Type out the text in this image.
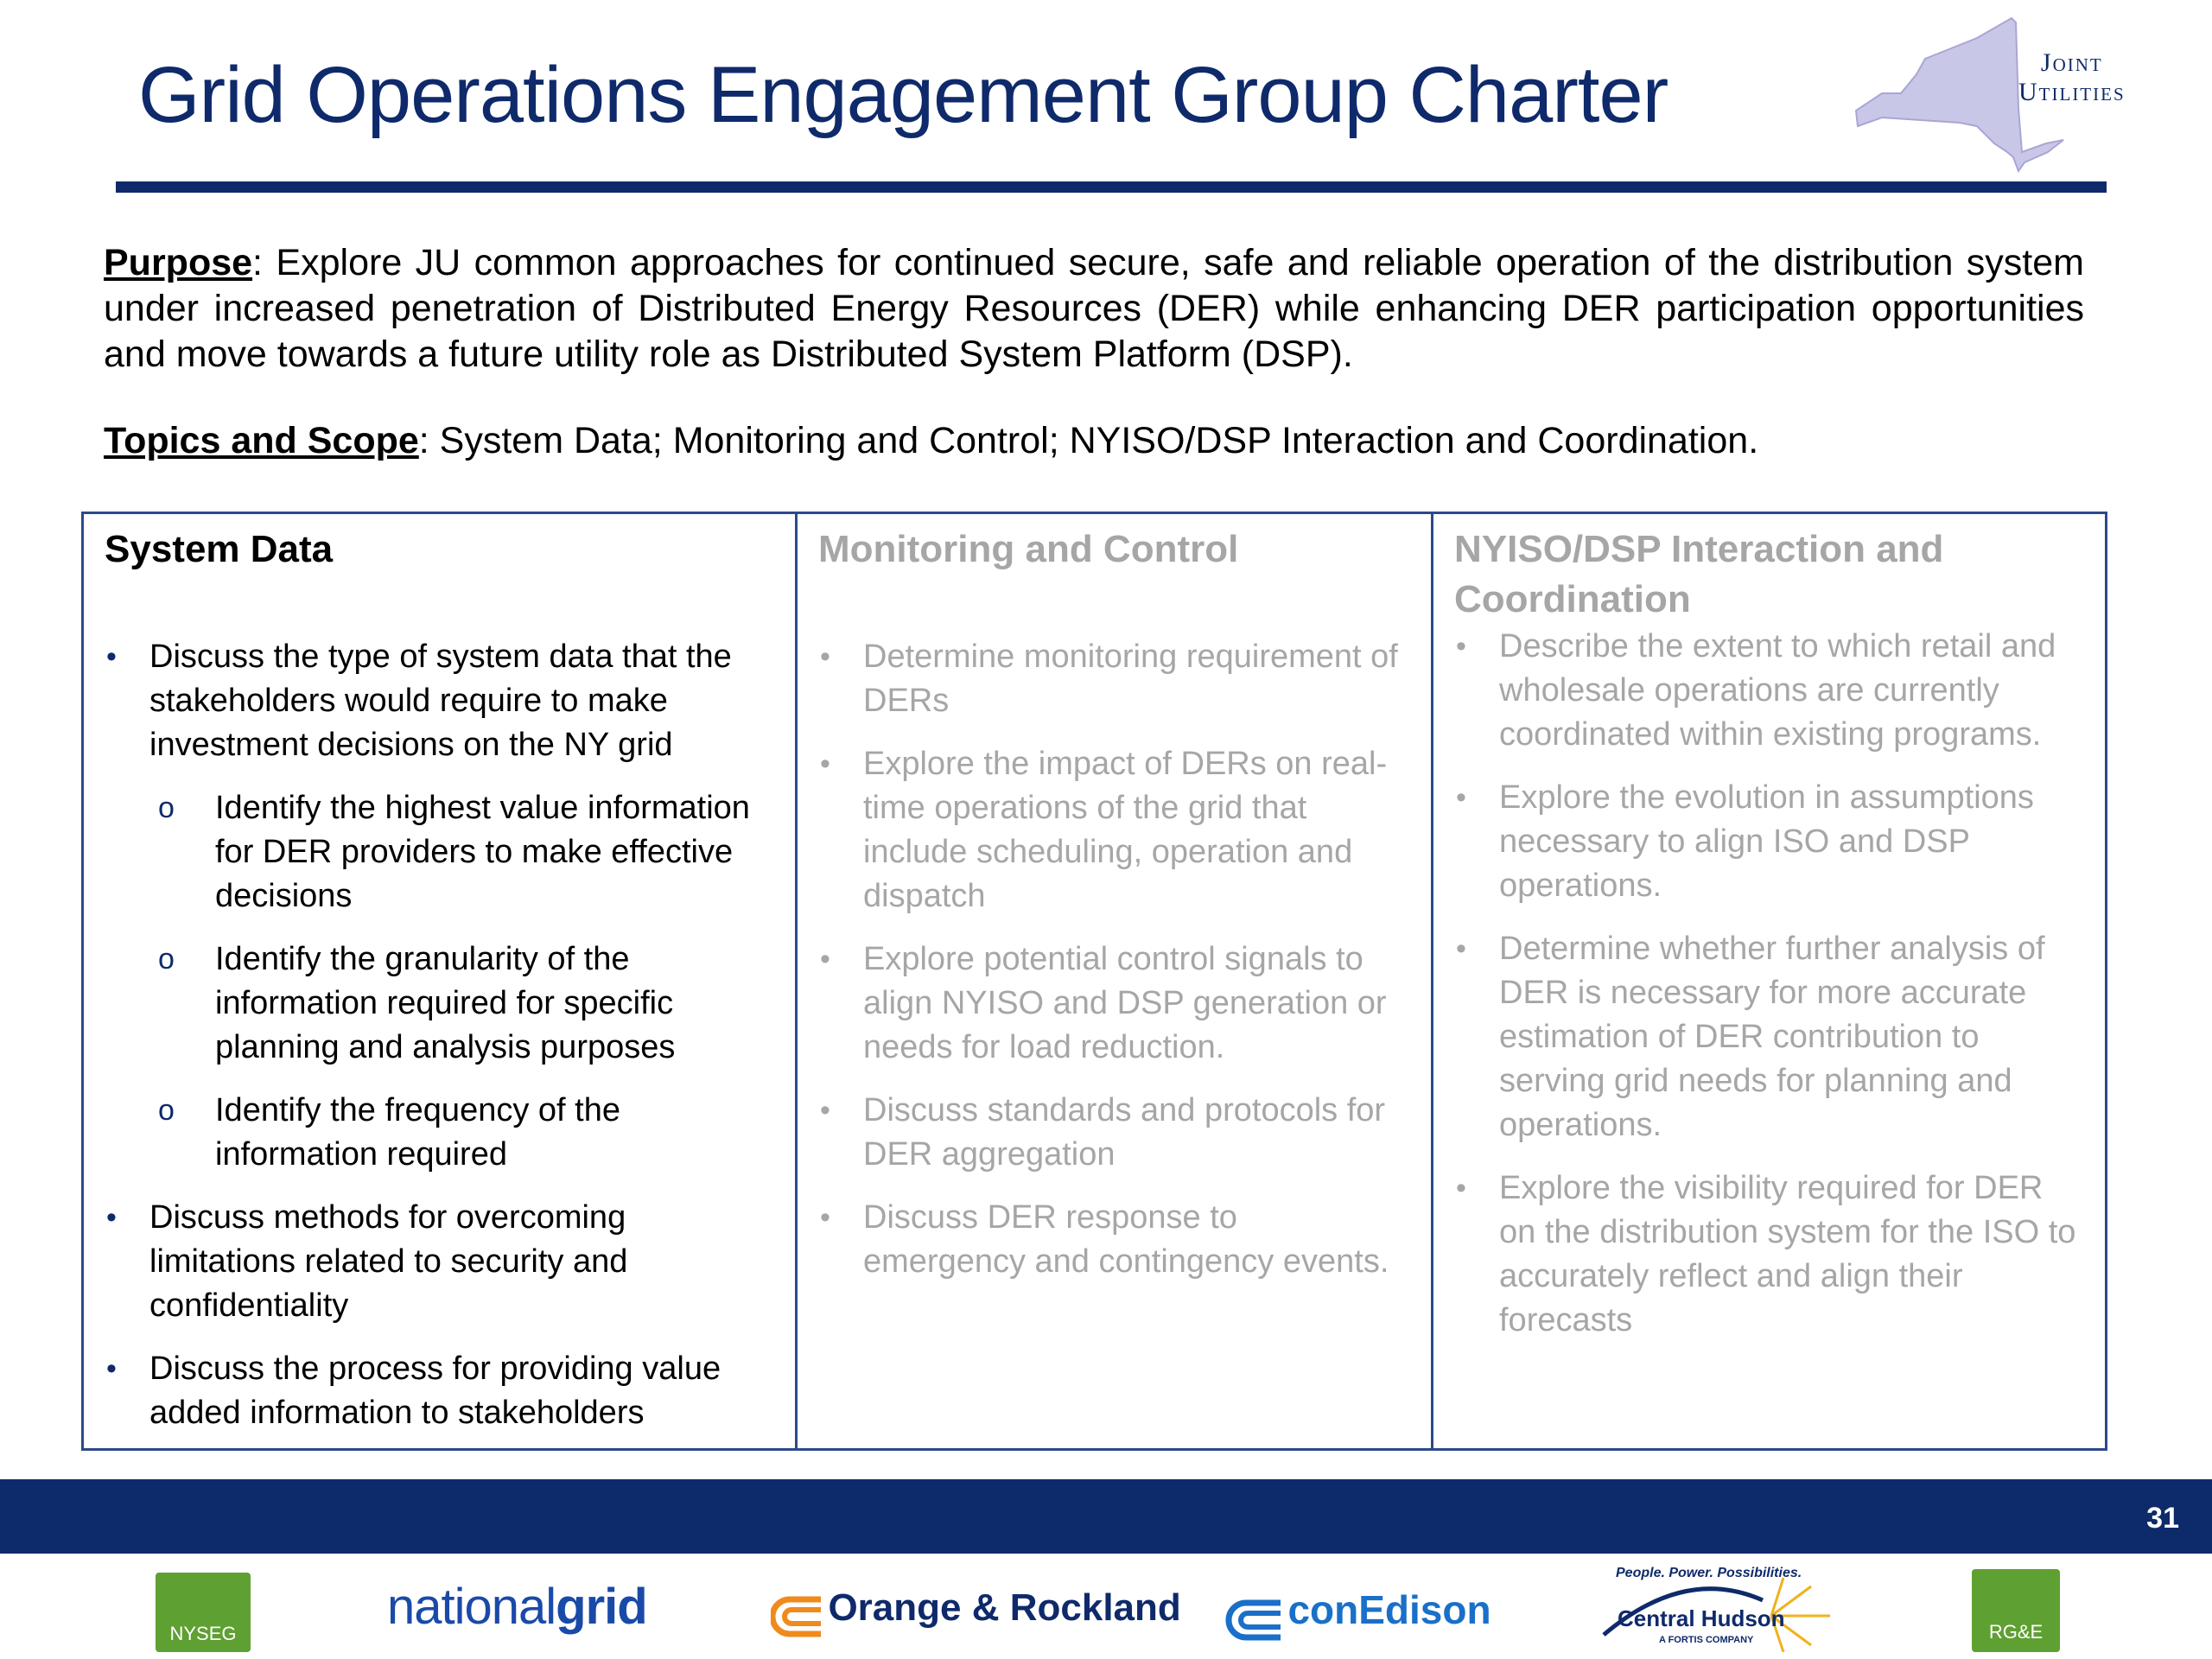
Grid Operations Engagement Group Charter	Joint
Utilities
Purpose: Explore JU common approaches for continued secure, safe and reliable operation of the distribution system under increased penetration of Distributed Energy Resources (DER) while enhancing DER participation opportunities and move towards a future utility role as Distributed System Platform (DSP).
Topics and Scope: System Data; Monitoring and Control; NYISO/DSP Interaction and Coordination.
System Data
• Discuss the type of system data that the stakeholders would require to make investment decisions on the NY grid
o Identify the highest value information for DER providers to make effective decisions
o Identify the granularity of the information required for specific planning and analysis purposes
o Identify the frequency of the information required
• Discuss methods for overcoming limitations related to security and confidentiality
• Discuss the process for providing value added information to stakeholders
Monitoring and Control
• Determine monitoring requirement of DERs
• Explore the impact of DERs on real-time operations of the grid that include scheduling, operation and dispatch
• Explore potential control signals to align NYISO and DSP generation or needs for load reduction.
• Discuss standards and protocols for DER aggregation
• Discuss DER response to emergency and contingency events.
NYISO/DSP Interaction and Coordination
• Describe the extent to which retail and wholesale operations are currently coordinated within existing programs.
• Explore the evolution in assumptions necessary to align ISO and DSP operations.
• Determine whether further analysis of DER is necessary for more accurate estimation of DER contribution to serving grid needs for planning and operations.
• Explore the visibility required for DER on the distribution system for the ISO to accurately reflect and align their forecasts
31
NYSEG	nationalgrid	Orange & Rockland	conEdison
People. Power. Possibilities.
Central Hudson
A FORTIS COMPANY	RG&E
